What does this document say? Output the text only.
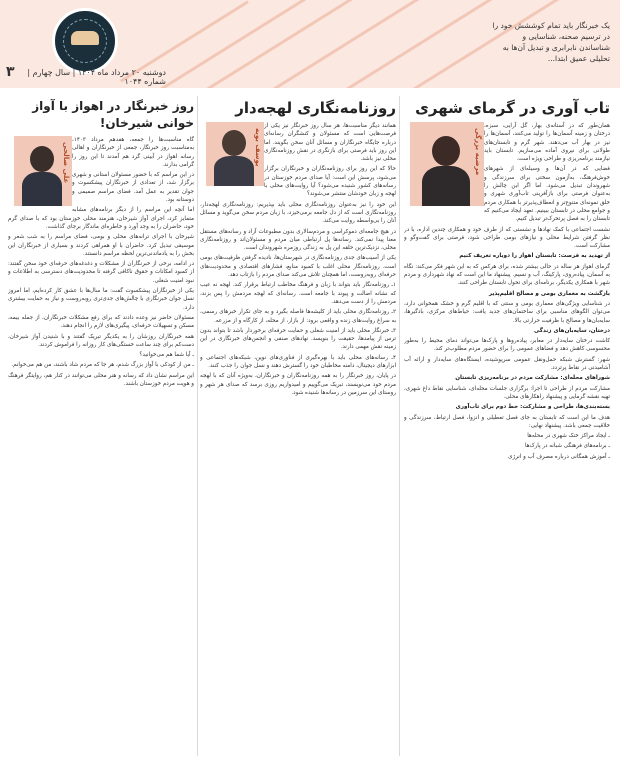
۳	دوشنبه ۲۰ مرداد ماه ۱۴۰۴ | سال چهارم | شماره ۱۰۴۴
یک خبرنگار باید تمام کوششش خود را در ترسیم صحنه، شناسایی و شناساندن نابرابری و تبدیل آن‌ها به تحلیلی عمیق ابتدا...
تاب آوری در گرمای شهری
مرضیه بزرگی

همان‌طور که در آستانه‌ی بهار، گل آرایی، سبزه، درختان و زمینه آسمان‌ها را تولید می‌کنند، آسمان‌ها را نیز در بهار آب می‌دهند. شهر گرم و تابستان‌های طولانی برای نیروی آماده می‌سازیم. تابستان باید نیازمند برنامه‌ریزی و طراحی ویژه است.

فضایی که در آن‌ها و وسیله‌ای از شهرهای خوش‌فرهنگ، به‌آزمون سختی برای سرزندگی و شهروندان تبدیل می‌شود. اما اگر این چالش را به‌عنوان فرصتی برای بازآفرینی تاب‌آوری شهری و خلق نمونه‌ای متنوع‌تر و انعطاف‌پذیرتر با همکاری مردم و جوامع محلی در تابستان ببینیم. تعهد ایجاد می‌کنیم که تابستان را به فصل پرتحرک‌تر تبدیل کنیم.

نشست اجتماعی با کمک نهادها و نشستی که از طرف خود و همکاری چندین اداره، با در نظر گرفتن شرایط محلی و نیازهای بومی طراحی شود، فرصتی برای گفت‌وگو و مشارکت است.

از تهدید به فرصت: تابستان اهواز را دوباره تعریف کنیم

گرمای اهواز هر ساله در حالی بیشتر شده، برای هرکس که به این شهر فکر می‌کند: نگاه به آسمان، پیاده‌روی، پارکینگ، آب و نسیم. پیشنهاد ما این است که نهاد شهرداری و مردم شهر با همکاری یکدیگر، برنامه‌ای برای تحول تابستان طراحی کنند.

بازگشت به معماری بومی و مصالح اقلیم‌پذیر

در شناسایی ویژگی‌های معماری بومی و سنتی که با اقلیم گرم و خشک همخوانی دارد، می‌توان الگوهای مناسبی برای ساختمان‌های جدید یافت: حیاط‌های مرکزی، بادگیرها، سایه‌بان‌ها و مصالح با ظرفیت حرارتی بالا.

درختان، سایه‌بان‌های زندگی

کاشت درختان سایه‌دار در معابر، پیاده‌روها و پارک‌ها می‌تواند دمای محیط را به‌طور محسوسی کاهش دهد و فضاهای عمومی را برای حضور مردم مطلوب‌تر کند.

شهر: گسترش شبکه حمل‌ونقل عمومی سرپوشیده، ایستگاه‌های سایه‌دار و ارائه آب آشامیدنی در نقاط پرتردد.

شوراهای محله‌ای: مشارکت مردم در برنامه‌ریزی تابستان

مشارکت مردم از طراحی تا اجرا: برگزاری جلسات محله‌ای، شناسایی نقاط داغ شهری، تهیه نقشه گرمایی و پیشنهاد راهکارهای محلی.

بسته‌بندی‌ها، طراحی و مشارکت: خط دوم برای تاب‌آوری

هدف ما این است که تابستان به جای فصل تعطیلی و انزوا، فصل ارتباط، سرزندگی و خلاقیت جمعی باشد. پیشنهاد نهایی:

ـ ایجاد مراکز خنک شهری در محله‌ها

ـ برنامه‌های فرهنگی شبانه در پارک‌ها

ـ آموزش همگانی درباره مصرف آب و انرژی

روزنامه‌نگاری لهجه‌دار
یوسف بویه

همانند دیگر مناسبت‌ها، هر سال روز خبرنگار نیز یکی از فرصت‌هایی است که مسئولان و کنشگران رسانه‌ای درباره جایگاه خبرنگاران و مسائل آنان سخن بگویند. اما این روز باید فرصتی برای بازنگری در نقش روزنامه‌نگاری محلی نیز باشد.

حالا که این روز برای روزنامه‌نگاران و خبرنگاران برگزار می‌شود، پرسش این است: آیا صدای مردم خوزستان در رسانه‌های کشور شنیده می‌شود؟ آیا روایت‌های محلی با لهجه و زبان خودشان منتشر می‌شوند؟

این خود را نیز به‌عنوان روزنامه‌نگاری محلی باید بپذیریم: روزنامه‌نگاری لهجه‌دار، روزنامه‌نگاری است که از دل جامعه برمی‌خیزد، با زبان مردم سخن می‌گوید و مسائل آنان را بی‌واسطه روایت می‌کند.

در هیچ جامعه‌ای دموکراسی و مردم‌سالاری بدون مطبوعات آزاد و رسانه‌های مستقل معنا پیدا نمی‌کند. رسانه‌ها پل ارتباطی میان مردم و مسئولان‌اند و روزنامه‌نگاری محلی، نزدیک‌ترین حلقه این پل به زندگی روزمره شهروندان است.

یکی از آسیب‌های جدی روزنامه‌نگاری در شهرستان‌ها، نادیده گرفتن ظرفیت‌های بومی است. روزنامه‌نگار محلی اغلب با کمبود منابع، فشارهای اقتصادی و محدودیت‌های حرفه‌ای روبه‌روست، اما همچنان تلاش می‌کند صدای مردم را بازتاب دهد.

۱ـ روزنامه‌نگار باید بتواند با زبان و فرهنگ مخاطب ارتباط برقرار کند. لهجه نه عیب که نشانه اصالت و پیوند با جامعه است. رسانه‌ای که لهجه مردمش را پس بزند، مردمش را از دست می‌دهد.

۲ـ روزنامه‌نگاری محلی باید از کلیشه‌ها فاصله بگیرد و به جای تکرار خبرهای رسمی، به سراغ روایت‌های زنده و واقعی برود: از بازار، از محله، از کارگاه و از مزرعه.

۳ـ خبرنگار محلی باید از امنیت شغلی و حمایت حرفه‌ای برخوردار باشد تا بتواند بدون ترس از پیامدها، حقیقت را بنویسد. نهادهای صنفی و انجمن‌های خبرنگاری در این زمینه نقش مهمی دارند.

۴ـ رسانه‌های محلی باید با بهره‌گیری از فناوری‌های نوین، شبکه‌های اجتماعی و ابزارهای دیجیتال، دامنه مخاطبان خود را گسترش دهند و نسل جوان را جذب کنند.

در پایان، روز خبرنگار را به همه روزنامه‌نگاران و خبرنگاران، به‌ویژه آنان که با لهجه مردم خود می‌نویسند، تبریک می‌گوییم و امیدواریم روزی برسد که صدای هر شهر و روستای این سرزمین در رسانه‌ها شنیده شود.

روز خبرنگار در اهواز با آواز خوانی شیرخان!
علی صالحی

گاه مناسبت‌ها را جمعه، هفدهم مرداد ۱۴۰۳، به‌مناسبت روز خبرنگار، جمعی از خبرنگاران و اهالی رسانه اهواز در آیینی گرد هم آمدند تا این روز را گرامی بدارند.

در این مراسم که با حضور مسئولان استانی و شهری برگزار شد، از تعدادی از خبرنگاران پیشکسوت و جوان تقدیر به عمل آمد. فضای مراسم صمیمی و دوستانه بود.

اما آنچه این مراسم را از دیگر برنامه‌های مشابه متمایز کرد، اجرای آواز شیرخان، هنرمند محلی خوزستان بود که با صدای گرم خود، حاضران را به وجد آورد و خاطره‌ای ماندگار برجای گذاشت.

شیرخان با اجرای ترانه‌های محلی و بومی، فضای مراسم را به شب شعر و موسیقی تبدیل کرد. حاضران با او همراهی کردند و بسیاری از خبرنگاران این بخش را به یادماندنی‌ترین لحظه مراسم دانستند.

در ادامه، برخی از خبرنگاران از مشکلات و دغدغه‌های حرفه‌ای خود سخن گفتند: از کمبود امکانات و حقوق ناکافی گرفته تا محدودیت‌های دسترسی به اطلاعات و نبود امنیت شغلی.

یکی از خبرنگاران پیشکسوت گفت: ما سال‌ها با عشق کار کرده‌ایم، اما امروز نسل جوان خبرنگاری با چالش‌های جدی‌تری روبه‌روست و نیاز به حمایت بیشتری دارد.

مسئولان حاضر نیز وعده دادند که برای رفع مشکلات خبرنگاران، از جمله بیمه، مسکن و تسهیلات حرفه‌ای، پیگیری‌های لازم را انجام دهند.

همه خبرنگاران روزشان را به یکدیگر تبریک گفتند و با شنیدن آواز شیرخان، دست‌کم برای چند ساعت خستگی‌های کار روزانه را فراموش کردند.

ـ آیا شما هم می‌خوانید؟

ـ من از کودکی با آواز بزرگ شدم، هر جا که مردم شاد باشند، من هم می‌خوانم.

این مراسم نشان داد که رسانه و هنر محلی می‌توانند در کنار هم، روایتگر فرهنگ و هویت مردم خوزستان باشند.
